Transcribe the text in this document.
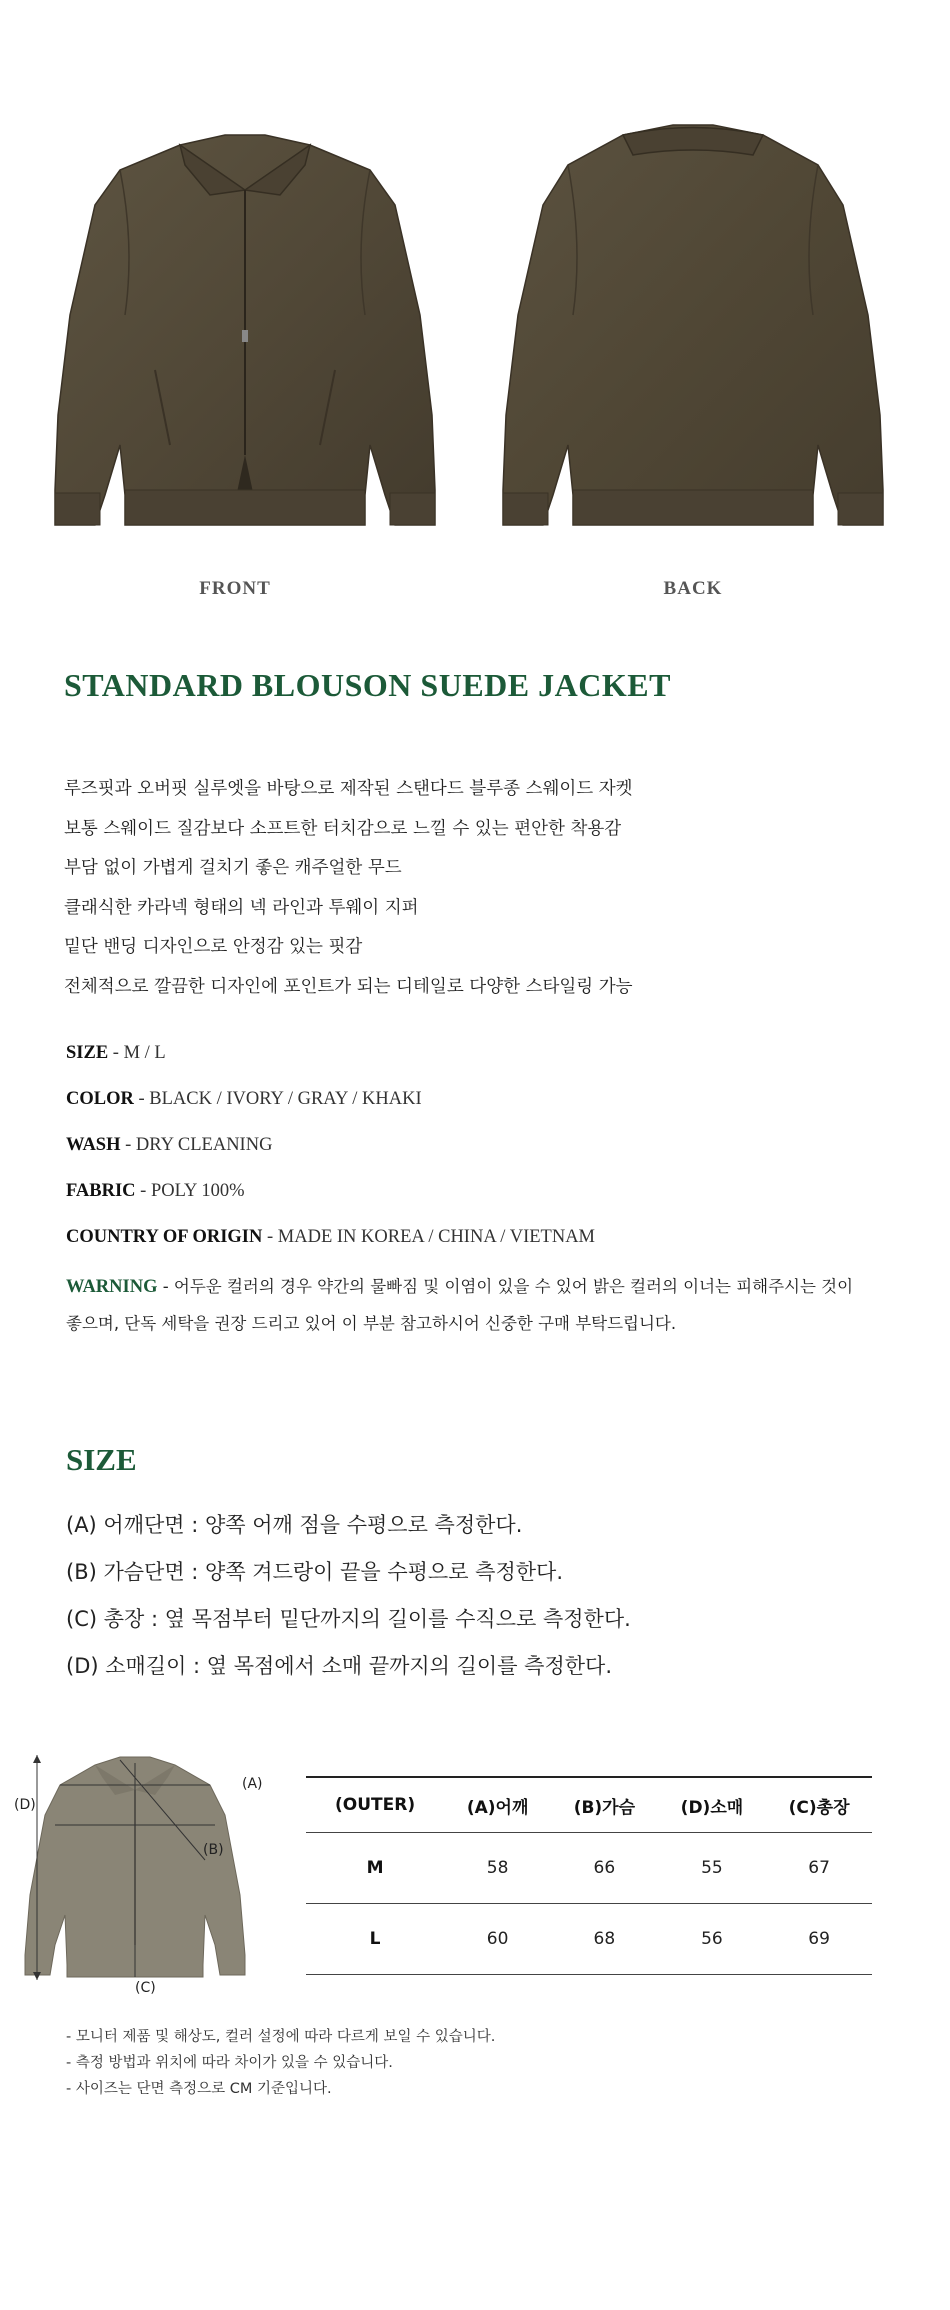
FRONT	BACK
STANDARD BLOUSON SUEDE JACKET
루즈핏과 오버핏 실루엣을 바탕으로 제작된 스탠다드 블루종 스웨이드 자켓
보통 스웨이드 질감보다 소프트한 터치감으로 느낄 수 있는 편안한 착용감
부담 없이 가볍게 걸치기 좋은 캐주얼한 무드
클래식한 카라넥 형태의 넥 라인과 투웨이 지퍼
밑단 밴딩 디자인으로 안정감 있는 핏감
전체적으로 깔끔한 디자인에 포인트가 되는 디테일로 다양한 스타일링 가능
SIZE - M / L
COLOR - BLACK / IVORY / GRAY / KHAKI
WASH - DRY CLEANING
FABRIC - POLY 100%
COUNTRY OF ORIGIN - MADE IN KOREA / CHINA / VIETNAM
WARNING - 어두운 컬러의 경우 약간의 물빠짐 및 이염이 있을 수 있어 밝은 컬러의 이너는 피해주시는 것이
좋으며, 단독 세탁을 권장 드리고 있어 이 부분 참고하시어 신중한 구매 부탁드립니다.
SIZE
(A) 어깨단면 : 양쪽 어깨 점을 수평으로 측정한다.
(B) 가슴단면 : 양쪽 겨드랑이 끝을 수평으로 측정한다.
(C) 총장 : 옆 목점부터 밑단까지의 길이를 수직으로 측정한다.
(D) 소매길이 : 옆 목점에서 소매 끝까지의 길이를 측정한다.
(A)
(B)
(C)
(D)	(OUTER)	(A)어깨	(B)가슴	(D)소매	(C)총장
M	58	66	55	67
L	60	68	56	69
- 모니터 제품 및 해상도, 컬러 설정에 따라 다르게 보일 수 있습니다.
- 측정 방법과 위치에 따라 차이가 있을 수 있습니다.
- 사이즈는 단면 측정으로 CM 기준입니다.
